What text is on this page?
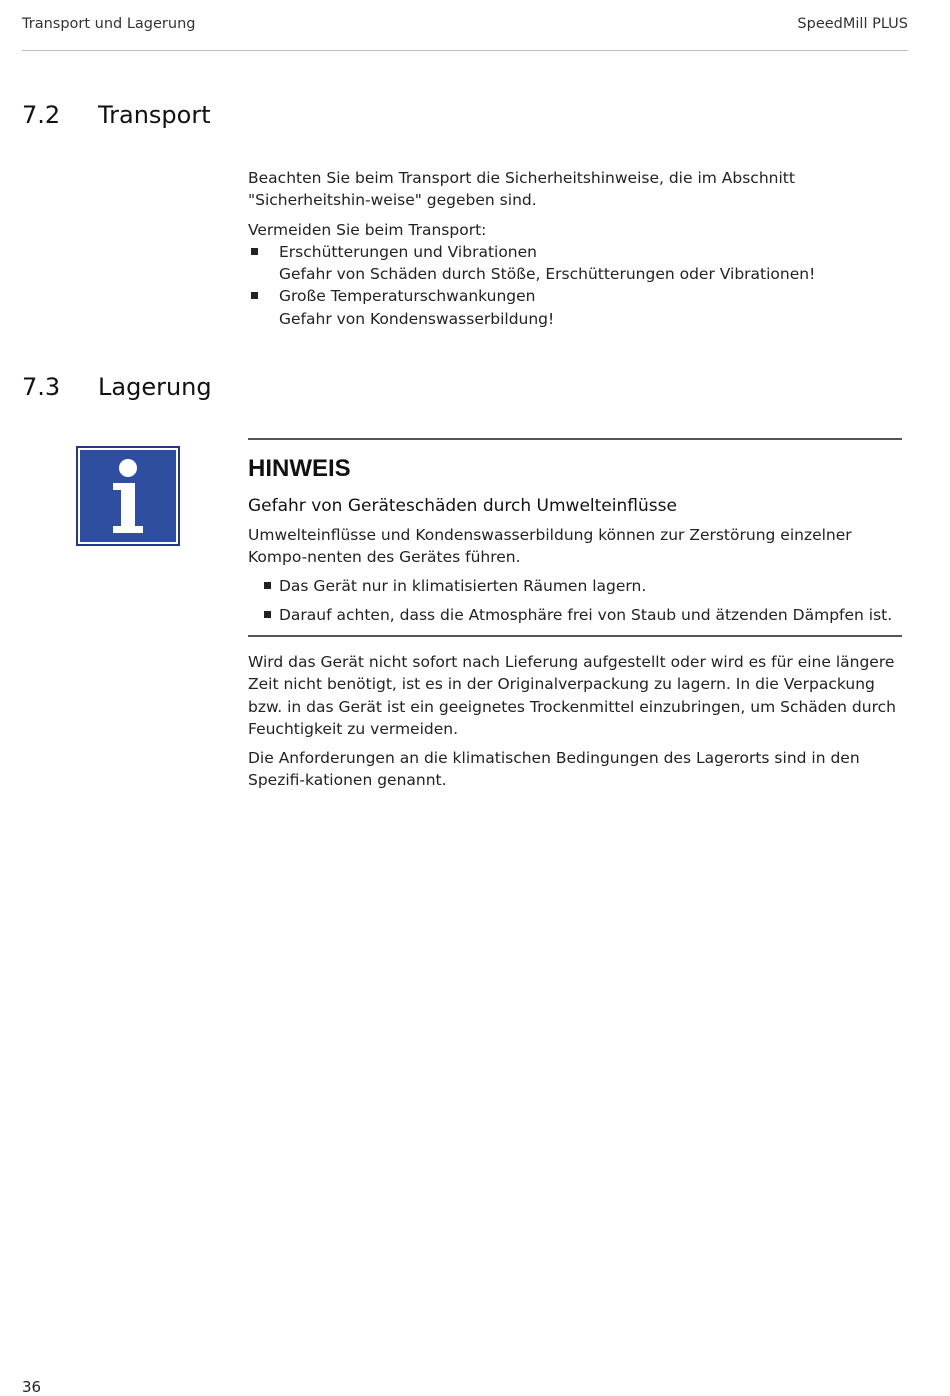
Transport und Lagerung	SpeedMill PLUS
7.2 Transport

Beachten Sie beim Transport die Sicherheitshinweise, die im Abschnitt "Sicherheitshin-weise" gegeben sind.

Vermeiden Sie beim Transport:

Erschütterungen und Vibrationen
Gefahr von Schäden durch Stöße, Erschütterungen oder Vibrationen!
Große Temperaturschwankungen
Gefahr von Kondenswasserbildung!
7.3 Lagerung
HINWEIS
Gefahr von Geräteschäden durch Umwelteinflüsse
Umwelteinflüsse und Kondenswasserbildung können zur Zerstörung einzelner Kompo-nenten des Gerätes führen.
Das Gerät nur in klimatisierten Räumen lagern.
Darauf achten, dass die Atmosphäre frei von Staub und ätzenden Dämpfen ist.

Wird das Gerät nicht sofort nach Lieferung aufgestellt oder wird es für eine längere Zeit nicht benötigt, ist es in der Originalverpackung zu lagern. In die Verpackung bzw. in das Gerät ist ein geeignetes Trockenmittel einzubringen, um Schäden durch Feuchtigkeit zu vermeiden.

Die Anforderungen an die klimatischen Bedingungen des Lagerorts sind in den Spezifi-kationen genannt.

36
